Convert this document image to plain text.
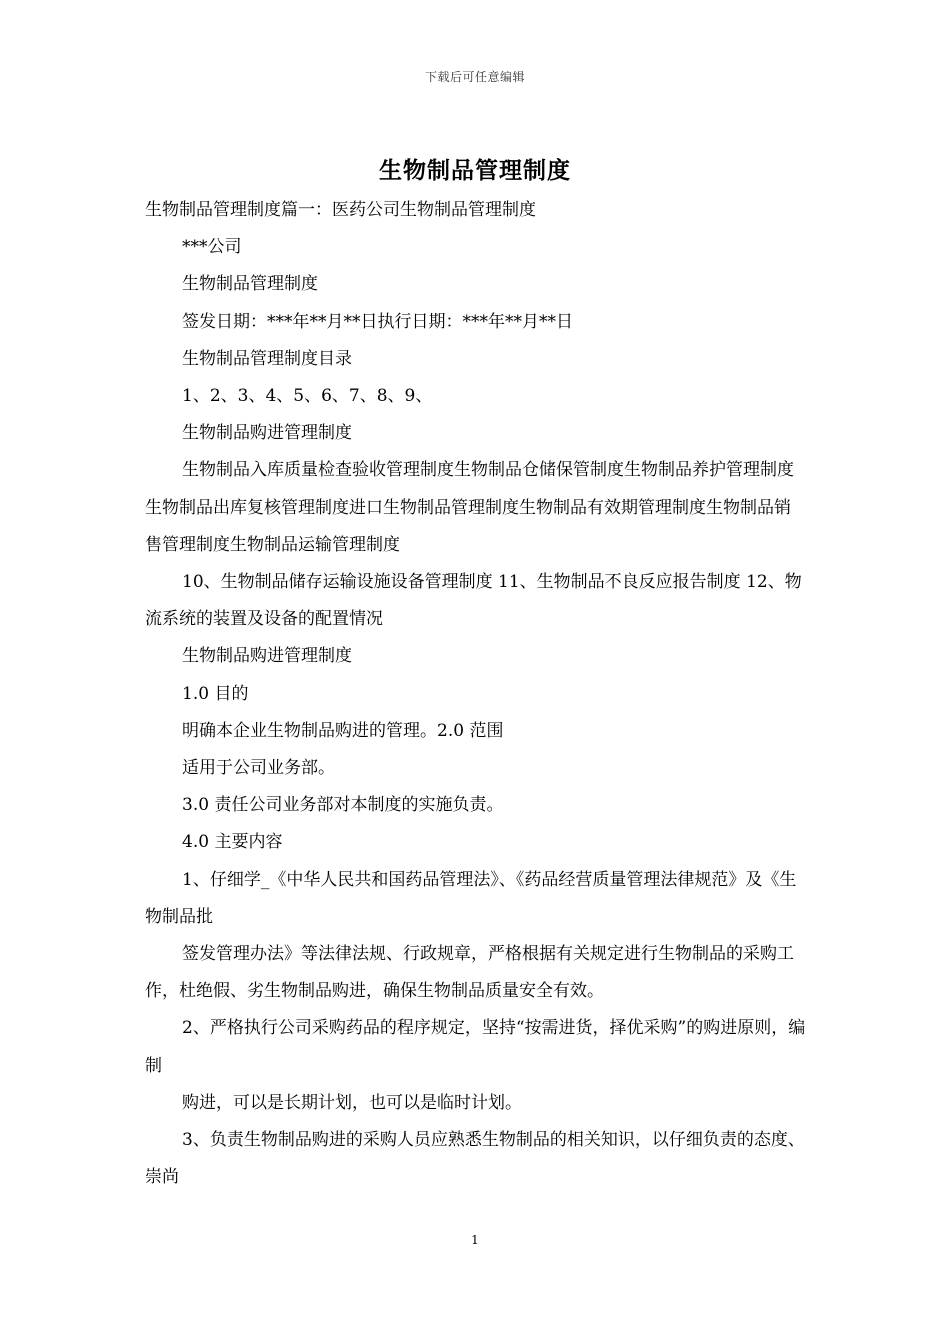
下载后可任意编辑
生物制品管理制度

生物制品管理制度篇一：医药公司生物制品管理制度

***公司

生物制品管理制度

签发日期：***年**月**日执行日期：***年**月**日

生物制品管理制度目录

1、2、3、4、5、6、7、8、9、

生物制品购进管理制度

生物制品入库质量检查验收管理制度生物制品仓储保管制度生物制品养护管理制度生物制品出库复核管理制度进口生物制品管理制度生物制品有效期管理制度生物制品销售管理制度生物制品运输管理制度

10、生物制品储存运输设施设备管理制度 11、生物制品不良反应报告制度 12、物流系统的装置及设备的配置情况

生物制品购进管理制度

1.0 目的

明确本企业生物制品购进的管理。2.0 范围

适用于公司业务部。

3.0 责任公司业务部对本制度的实施负责。

4.0 主要内容

1、仔细学_《中华人民共和国药品管理法》、《药品经营质量管理法律规范》及《生物制品批

签发管理办法》等法律法规、行政规章，严格根据有关规定进行生物制品的采购工作，杜绝假、劣生物制品购进，确保生物制品质量安全有效。

2、严格执行公司采购药品的程序规定，坚持“按需进货，择优采购”的购进原则，编制

购进，可以是长期计划，也可以是临时计划。

3、负责生物制品购进的采购人员应熟悉生物制品的相关知识，以仔细负责的态度、崇尚

1
